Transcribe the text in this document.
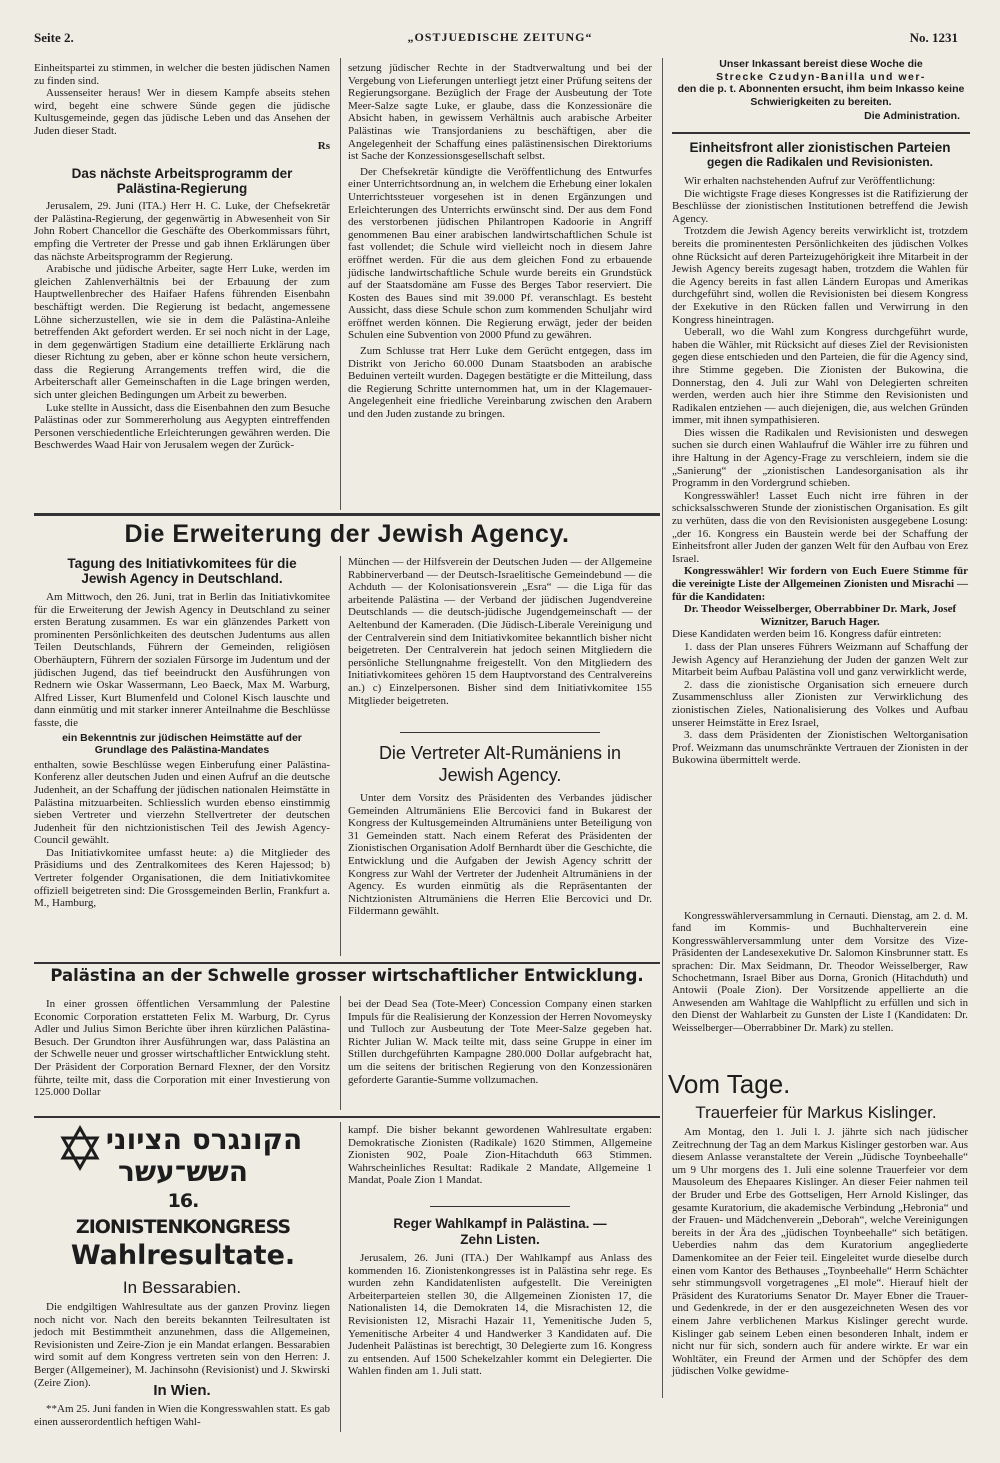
Seite 2.	„OSTJUEDISCHE ZEITUNG“	No. 1231

Einheitspartei zu stimmen, in welcher die besten jüdischen Namen zu finden sind.

Aussenseiter heraus! Wer in diesem Kampfe abseits stehen wird, begeht eine schwere Sünde gegen die jüdische Kultusgemeinde, gegen das jüdische Leben und das Ansehen der Juden dieser Stadt.

Rs
Das nächste Arbeitsprogramm der
Palästina-Regierung

Jerusalem, 29. Juni (ITA.) Herr H. C. Luke, der Chefsekretär der Palästina-Regierung, der gegenwärtig in Abwesenheit von Sir John Robert Chancellor die Geschäfte des Oberkommissars führt, empfing die Vertreter der Presse und gab ihnen Erklärungen über das nächste Arbeitsprogramm der Regierung.

Arabische und jüdische Arbeiter, sagte Herr Luke, werden im gleichen Zahlenverhältnis bei der Erbauung der zum Hauptwellenbrecher des Haifaer Hafens führenden Eisenbahn beschäftigt werden. Die Regierung ist bedacht, angemessene Löhne sicherzustellen, wie sie in dem die Palästina-Anleihe betreffenden Akt gefordert werden. Er sei noch nicht in der Lage, in dem gegenwärtigen Stadium eine detaillierte Erklärung nach dieser Richtung zu geben, aber er könne schon heute versichern, dass die Regierung Arrangements treffen wird, die die Arbeiterschaft aller Gemeinschaften in die Lage bringen werden, sich unter gleichen Bedingungen um Arbeit zu bewerben.

Luke stellte in Aussicht, dass die Eisenbahnen den zum Besuche Palästinas oder zur Sommererholung aus Aegypten eintreffenden Personen verschiedentliche Erleichterungen gewähren werden. Die Beschwerdes Waad Hair von Jerusalem wegen der Zurück-

setzung jüdischer Rechte in der Stadtverwaltung und bei der Vergebung von Lieferungen unterliegt jetzt einer Prüfung seitens der Regierungsorgane. Bezüglich der Frage der Ausbeutung der Tote Meer-Salze sagte Luke, er glaube, dass die Konzessionäre die Absicht haben, in gewissem Verhältnis auch arabische Arbeiter Palästinas wie Transjordaniens zu beschäftigen, aber die Angelegenheit der Schaffung eines palästinensischen Direktoriums ist Sache der Konzessionsgesellschaft selbst.

Der Chefsekretär kündigte die Veröffentlichung des Entwurfes einer Unterrichtsordnung an, in welchem die Erhebung einer lokalen Unterrichtssteuer vorgesehen ist in denen Ergänzungen und Erleichterungen des Unterrichts erwünscht sind. Der aus dem Fond des verstorbenen jüdischen Philantropen Kadoorie in Angriff genommenen Bau einer arabischen landwirtschaftlichen Schule ist fast vollendet; die Schule wird vielleicht noch in diesem Jahre eröffnet werden. Für die aus dem gleichen Fond zu erbauende jüdische landwirtschaftliche Schule wurde bereits ein Grundstück auf der Staatsdomäne am Fusse des Berges Tabor reserviert. Die Kosten des Baues sind mit 39.000 Pf. veranschlagt. Es besteht Aussicht, dass diese Schule schon zum kommenden Schuljahr wird eröffnet werden können. Die Regierung erwägt, jeder der beiden Schulen eine Subvention von 2000 Pfund zu gewähren.

Zum Schlusse trat Herr Luke dem Gerücht entgegen, dass im Distrikt von Jericho 60.000 Dunam Staatsboden an arabische Beduinen verteilt wurden. Dagegen bestätigte er die Mitteilung, dass die Regierung Schritte unternommen hat, um in der Klagemauer-Angelegenheit eine friedliche Vereinbarung zwischen den Arabern und den Juden zustande zu bringen.

Unser Inkassant bereist diese Woche die
Strecke Czudyn-Banilla und wer-
den die p. t. Abonnenten ersucht, ihm beim Inkasso keine Schwierigkeiten zu bereiten.
Die Administration.
Einheitsfront aller zionistischen Parteien
gegen die Radikalen und Revisionisten.

Wir erhalten nachstehenden Aufruf zur Veröffentlichung:

Die wichtigste Frage dieses Kongresses ist die Ratifizierung der Beschlüsse der zionistischen Institutionen betreffend die Jewish Agency.

Trotzdem die Jewish Agency bereits verwirklicht ist, trotzdem bereits die prominentesten Persönlichkeiten des jüdischen Volkes ohne Rücksicht auf deren Parteizugehörigkeit ihre Mitarbeit in der Jewish Agency bereits zugesagt haben, trotzdem die Wahlen für die Agency bereits in fast allen Ländern Europas und Amerikas durchgeführt sind, wollen die Revisionisten bei diesem Kongress der Exekutive in den Rücken fallen und Verwirrung in den Kongress hineintragen.

Ueberall, wo die Wahl zum Kongress durchgeführt wurde, haben die Wähler, mit Rücksicht auf dieses Ziel der Revisionisten gegen diese entschieden und den Parteien, die für die Agency sind, ihre Stimme gegeben. Die Zionisten der Bukowina, die Donnerstag, den 4. Juli zur Wahl von Delegierten schreiten werden, werden auch hier ihre Stimme den Revisionisten und Radikalen entziehen — auch diejenigen, die, aus welchen Gründen immer, mit ihnen sympathisieren.

Dies wissen die Radikalen und Revisionisten und deswegen suchen sie durch einen Wahlaufruf die Wähler irre zu führen und ihre Haltung in der Agency-Frage zu verschleiern, indem sie die „Sanierung“ der „zionistischen Landesorganisation als ihr Programm in den Vordergrund schieben.

Kongresswähler! Lasset Euch nicht irre führen in der schicksalsschweren Stunde der zionistischen Organisation. Es gilt zu verhüten, dass die von den Revisionisten ausgegebene Losung: „der 16. Kongress ein Baustein werde bei der Schaffung der Einheitsfront aller Juden der ganzen Welt für den Aufbau von Erez Israel.

Kongresswähler! Wir fordern von Euch Euere Stimme für die vereinigte Liste der Allgemeinen Zionisten und Misrachi — für die Kandidaten:

Dr. Theodor Weisselberger, Oberrabbiner Dr. Mark, Josef Wiznitzer, Baruch Hager.

Diese Kandidaten werden beim 16. Kongress dafür eintreten:

1. dass der Plan unseres Führers Weizmann auf Schaffung der Jewish Agency auf Heranziehung der Juden der ganzen Welt zur Mitarbeit beim Aufbau Palästina voll und ganz verwirklicht werde,

2. dass die zionistische Organisation sich erneuere durch Zusammenschluss aller Zionisten zur Verwirklichung des zionistischen Zieles, Nationalisierung des Volkes und Aufbau unserer Heimstätte in Erez Israel,

3. dass dem Präsidenten der Zionistischen Weltorganisation Prof. Weizmann das unumschränkte Vertrauen der Zionisten in der Bukowina übermittelt werde.

Kongresswählerversammlung in Cernauti. Dienstag, am 2. d. M. fand im Kommis- und Buchhalterverein eine Kongresswählerversammlung unter dem Vorsitze des Vize-Präsidenten der Landesexekutive Dr. Salomon Kinsbrunner statt. Es sprachen: Dir. Max Seidmann, Dr. Theodor Weisselberger, Raw Schochetmann, Israel Biber aus Dorna, Gronich (Hitachduth) und Antowii (Poale Zion). Der Vorsitzende appellierte an die Anwesenden am Wahltage die Wahlpflicht zu erfüllen und sich in den Dienst der Wahlarbeit zu Gunsten der Liste I (Kandidaten: Dr. Weisselberger—Oberrabbiner Dr. Mark) zu stellen.

Vom Tage.
Trauerfeier für Markus Kislinger.

Am Montag, den 1. Juli l. J. jährte sich nach jüdischer Zeitrechnung der Tag an dem Markus Kislinger gestorben war. Aus diesem Anlasse veranstaltete der Verein „Jüdische Toynbeehalle“ um 9 Uhr morgens des 1. Juli eine solenne Trauerfeier vor dem Mausoleum des Ehepaares Kislinger. An dieser Feier nahmen teil der Bruder und Erbe des Gottseligen, Herr Arnold Kislinger, das gesamte Kuratorium, die akademische Verbindung „Hebronia“ und der Frauen- und Mädchenverein „Deborah“, welche Vereinigungen bereits in der Ära des „jüdischen Toynbeehalle“ sich betätigen. Ueberdies nahm das dem Kuratorium angegliederte Damenkomitee an der Feier teil. Eingeleitet wurde dieselbe durch einen vom Kantor des Bethauses „Toynbeehalle“ Herrn Schächter sehr stimmungsvoll vorgetragenes „El mole“. Hierauf hielt der Präsident des Kuratoriums Senator Dr. Mayer Ebner die Trauer- und Gedenkrede, in der er den ausgezeichneten Wesen des vor einem Jahre verblichenen Markus Kislinger gerecht wurde. Kislinger gab seinem Leben einen besonderen Inhalt, indem er nicht nur für sich, sondern auch für andere wirkte. Er war ein Wohltäter, ein Freund der Armen und der Schöpfer des dem jüdischen Volke gewidme-

Die Erweiterung der Jewish Agency.
Tagung des Initiativkomitees für die
Jewish Agency in Deutschland.

Am Mittwoch, den 26. Juni, trat in Berlin das Initiativkomitee für die Erweiterung der Jewish Agency in Deutschland zu seiner ersten Beratung zusammen. Es war ein glänzendes Parkett von prominenten Persönlichkeiten des deutschen Judentums aus allen Teilen Deutschlands, Führern der Gemeinden, religiösen Oberhäuptern, Führern der sozialen Fürsorge im Judentum und der jüdischen Jugend, das tief beeindruckt den Ausführungen von Rednern wie Oskar Wassermann, Leo Baeck, Max M. Warburg, Alfred Lisser, Kurt Blumenfeld und Colonel Kisch lauschte und dann einmütig und mit starker innerer Anteilnahme die Beschlüsse fasste, die

ein Bekenntnis zur jüdischen Heimstätte auf der Grundlage des Palästina-Mandates

enthalten, sowie Beschlüsse wegen Einberufung einer Palästina-Konferenz aller deutschen Juden und einen Aufruf an die deutsche Judenheit, an der Schaffung der jüdischen nationalen Heimstätte in Palästina mitzuarbeiten. Schliesslich wurden ebenso einstimmig sieben Vertreter und vierzehn Stellvertreter der deutschen Judenheit für den nichtzionistischen Teil des Jewish Agency-Council gewählt.

Das Initiativkomitee umfasst heute: a) die Mitglieder des Präsidiums und des Zentralkomitees des Keren Hajessod; b) Vertreter folgender Organisationen, die dem Initiativkomitee offiziell beigetreten sind: Die Grossgemeinden Berlin, Frankfurt a. M., Hamburg,

München — der Hilfsverein der Deutschen Juden — der Allgemeine Rabbinerverband — der Deutsch-Israelitische Gemeindebund — die Achduth — der Kolonisationsverein „Esra“ — die Liga für das arbeitende Palästina — der Verband der jüdischen Jugendvereine Deutschlands — die deutsch-jüdische Jugendgemeinschaft — der Aeltenbund der Kameraden. (Die Jüdisch-Liberale Vereinigung und der Centralverein sind dem Initiativkomitee bekanntlich bisher nicht beigetreten. Der Centralverein hat jedoch seinen Mitgliedern die persönliche Stellungnahme freigestellt. Von den Mitgliedern des Initiativkomitees gehören 15 dem Hauptvorstand des Centralvereins an.) c) Einzelpersonen. Bisher sind dem Initiativkomitee 155 Mitglieder beigetreten.

Die Vertreter Alt-Rumäniens in
Jewish Agency.

Unter dem Vorsitz des Präsidenten des Verbandes jüdischer Gemeinden Altrumäniens Elie Bercovici fand in Bukarest der Kongress der Kultusgemeinden Altrumäniens unter Beteiligung von 31 Gemeinden statt. Nach einem Referat des Präsidenten der Zionistischen Organisation Adolf Bernhardt über die Geschichte, die Entwicklung und die Aufgaben der Jewish Agency schritt der Kongress zur Wahl der Vertreter der Judenheit Altrumäniens in der Agency. Es wurden einmütig als die Repräsentanten der Nichtzionisten Altrumäniens die Herren Elie Bercovici und Dr. Fildermann gewählt.

Palästina an der Schwelle grosser wirtschaftlicher Entwicklung.

In einer grossen öffentlichen Versammlung der Palestine Economic Corporation erstatteten Felix M. Warburg, Dr. Cyrus Adler und Julius Simon Berichte über ihren kürzlichen Palästina-Besuch. Der Grundton ihrer Ausführungen war, dass Palästina an der Schwelle neuer und grosser wirtschaftlicher Entwicklung steht. Der Präsident der Corporation Bernard Flexner, der den Vorsitz führte, teilte mit, dass die Corporation mit einer Investierung von 125.000 Dollar

bei der Dead Sea (Tote-Meer) Concession Company einen starken Impuls für die Realisierung der Konzession der Herren Novomeysky und Tulloch zur Ausbeutung der Tote Meer-Salze gegeben hat. Richter Julian W. Mack teilte mit, dass seine Gruppe in einer im Stillen durchgeführten Kampagne 280.000 Dollar aufgebracht hat, um die seitens der britischen Regierung von den Konzessionären geforderte Garantie-Summe vollzumachen.

הקונגרס הציוני
השש־עשר
16. ZIONISTENKONGRESS
Wahlresultate.
In Bessarabien.

Die endgiltigen Wahlresultate aus der ganzen Provinz liegen noch nicht vor. Nach den bereits bekannten Teilresultaten ist jedoch mit Bestimmtheit anzunehmen, dass die Allgemeinen, Revisionisten und Zeire-Zion je ein Mandat erlangen. Bessarabien wird somit auf dem Kongress vertreten sein von den Herren: J. Berger (Allgemeiner), M. Jachinsohn (Revisionist) und J. Skwirski (Zeire Zion).	In Wien.

**Am 25. Juni fanden in Wien die Kongresswahlen statt. Es gab einen ausserordentlich heftigen Wahl-

kampf. Die bisher bekannt gewordenen Wahlresultate ergaben: Demokratische Zionisten (Radikale) 1620 Stimmen, Allgemeine Zionisten 902, Poale Zion-Hitachduth 663 Stimmen. Wahrscheinliches Resultat: Radikale 2 Mandate, Allgemeine 1 Mandat, Poale Zion 1 Mandat.

Reger Wahlkampf in Palästina. —
Zehn Listen.

Jerusalem, 26. Juni (ITA.) Der Wahlkampf aus Anlass des kommenden 16. Zionistenkongresses ist in Palästina sehr rege. Es wurden zehn Kandidatenlisten aufgestellt. Die Vereinigten Arbeiterparteien stellen 30, die Allgemeinen Zionisten 17, die Nationalisten 14, die Demokraten 14, die Misrachisten 12, die Revisionisten 12, Misrachi Hazair 11, Yemenitische Juden 5, Yemenitische Arbeiter 4 und Handwerker 3 Kandidaten auf. Die Judenheit Palästinas ist berechtigt, 30 Delegierte zum 16. Kongress zu entsenden. Auf 1500 Schekelzahler kommt ein Delegierter. Die Wahlen finden am 1. Juli statt.
